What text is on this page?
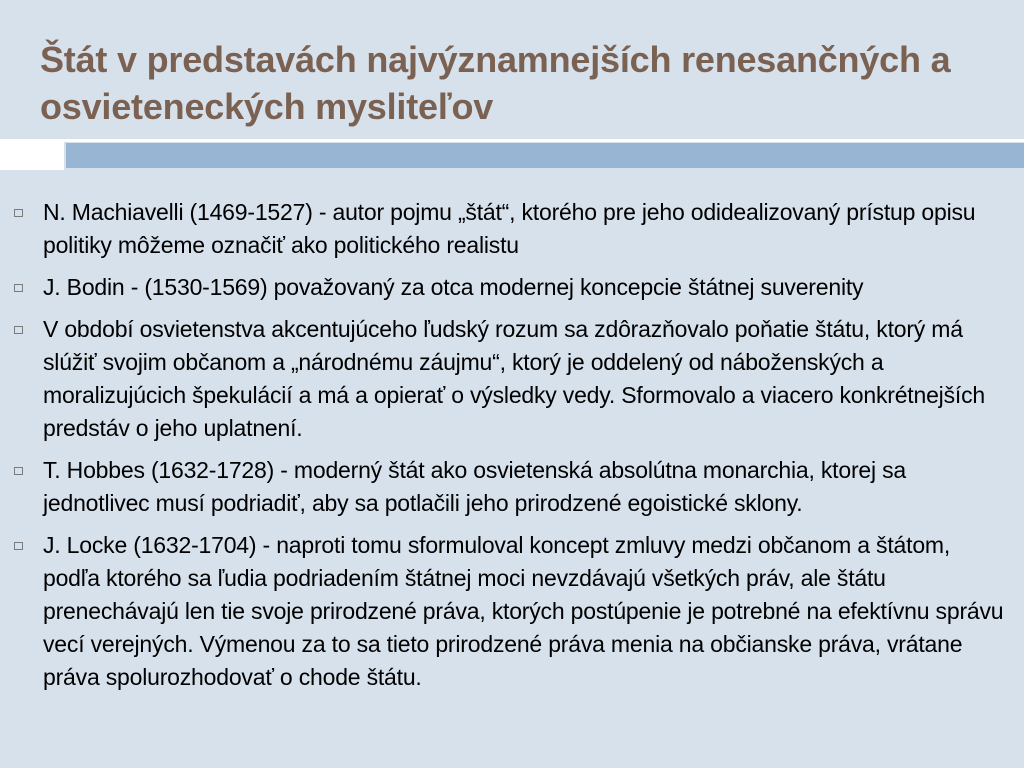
Štát v predstavách najvýznamnejších renesančných a osvieteneckých mysliteľov
N. Machiavelli (1469-1527) - autor pojmu „štát“, ktorého pre jeho odidealizovaný prístup opisu politiky môžeme označiť ako politického realistu
J. Bodin - (1530-1569) považovaný za otca modernej koncepcie štátnej suverenity
V období osvietenstva akcentujúceho ľudský rozum sa zdôrazňovalo poňatie štátu, ktorý má slúžiť svojim občanom a „národnému záujmu“, ktorý je oddelený od náboženských a moralizujúcich špekulácií a má a opierať o výsledky vedy. Sformovalo a viacero konkrétnejších predstáv o jeho uplatnení.
T. Hobbes (1632-1728) - moderný štát ako osvietenská absolútna monarchia, ktorej sa jednotlivec musí podriadiť, aby sa potlačili jeho prirodzené egoistické sklony.
J. Locke (1632-1704) - naproti tomu sformuloval koncept zmluvy medzi občanom a štátom, podľa ktorého sa ľudia podriadením štátnej moci nevzdávajú všetkých práv, ale štátu prenechávajú len tie svoje prirodzené práva, ktorých postúpenie je potrebné na efektívnu správu vecí verejných. Výmenou za to sa tieto prirodzené práva menia na občianske práva, vrátane práva spolurozhodovať o chode štátu.
